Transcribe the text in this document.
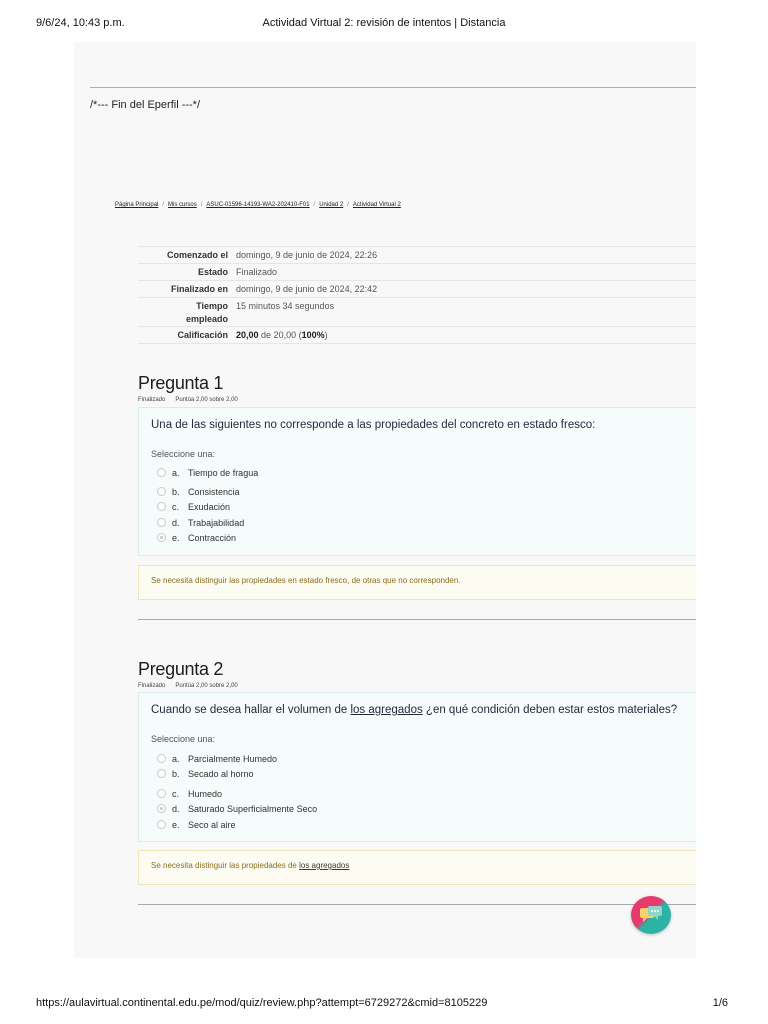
9/6/24, 10:43 p.m.	Actividad Virtual 2: revisión de intentos | Distancia
/*--- Fin del Eperfil ---*/
Página Principal / Mis cursos / ASUC-01596-14193-WA2-202410-F01 / Unidad 2 / Actividad Virtual 2
Comenzado el domingo, 9 de junio de 2024, 22:26
Estado Finalizado
Finalizado en domingo, 9 de junio de 2024, 22:42
Tiempo
empleado
15 minutos 34 segundos
Calificación 20,00 de 20,00 (100%)
Pregunta 1
Finalizado Puntúa 2,00 sobre 2,00
Una de las siguientes no corresponde a las propiedades del concreto en estado fresco:
Seleccione una:
a. Tiempo de fragua
b. Consistencia
c. Exudación
d. Trabajabilidad
e. Contracción
Se necesita distinguir las propiedades en estado fresco, de otras que no corresponden.
Pregunta 2
Finalizado Puntúa 2,00 sobre 2,00
Cuando se desea hallar el volumen de los agregados ¿en qué condición deben estar estos materiales?
Seleccione una:
a. Parcialmente Humedo
b. Secado al horno
c. Humedo
d. Saturado Superficialmente Seco
e. Seco al aire
Se necesita distinguir las propiedades de los agregados
https://aulavirtual.continental.edu.pe/mod/quiz/review.php?attempt=6729272&cmid=8105229	1/6
